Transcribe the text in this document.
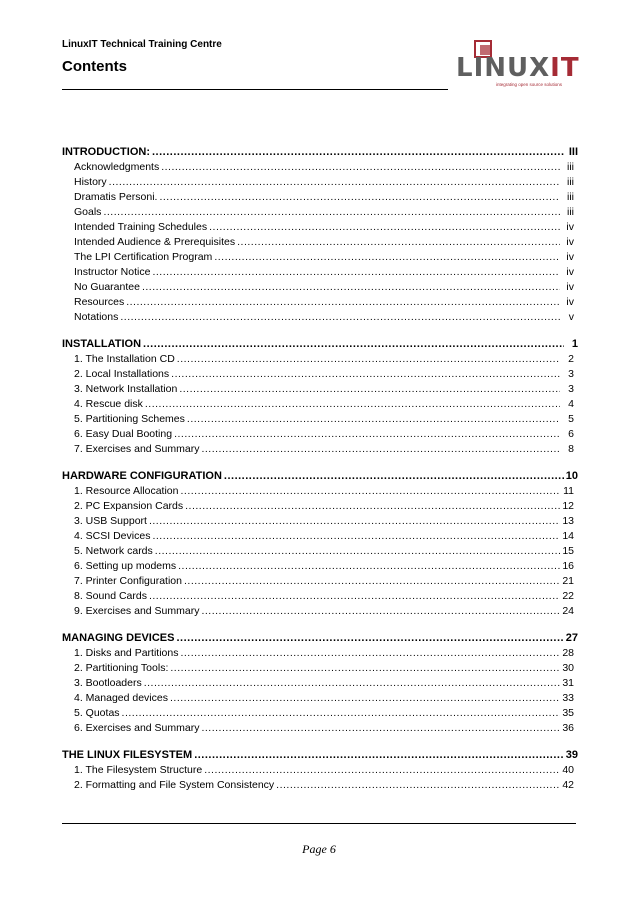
LinuxIT Technical Training Centre
Contents	LINUXIT
integrating open source solutions
INTRODUCTION: .....	III
Acknowledgments .....	iii
History .....	iii
Dramatis Personi. .....	iii
Goals .....	iii
Intended Training Schedules .....	iv
Intended Audience & Prerequisites .....	iv
The LPI Certification Program .....	iv
Instructor Notice .....	iv
No Guarantee .....	iv
Resources .....	iv
Notations .....	v
INSTALLATION .....	1
1. The Installation CD .....	2
2. Local Installations .....	3
3. Network Installation .....	3
4. Rescue disk .....	4
5. Partitioning Schemes .....	5
6. Easy Dual Booting .....	6
7. Exercises and Summary .....	8
HARDWARE CONFIGURATION .....	10
1. Resource Allocation .....	11
2. PC Expansion Cards .....	12
3. USB Support .....	13
4. SCSI Devices .....	14
5. Network cards .....	15
6. Setting up modems .....	16
7. Printer Configuration .....	21
8. Sound Cards .....	22
9. Exercises and Summary .....	24
MANAGING DEVICES .....	27
1. Disks and Partitions .....	28
2. Partitioning Tools: .....	30
3. Bootloaders .....	31
4. Managed devices .....	33
5. Quotas .....	35
6. Exercises and Summary .....	36
THE LINUX FILESYSTEM .....	39
1. The Filesystem Structure .....	40
2. Formatting and File System Consistency .....	42
Page 6
